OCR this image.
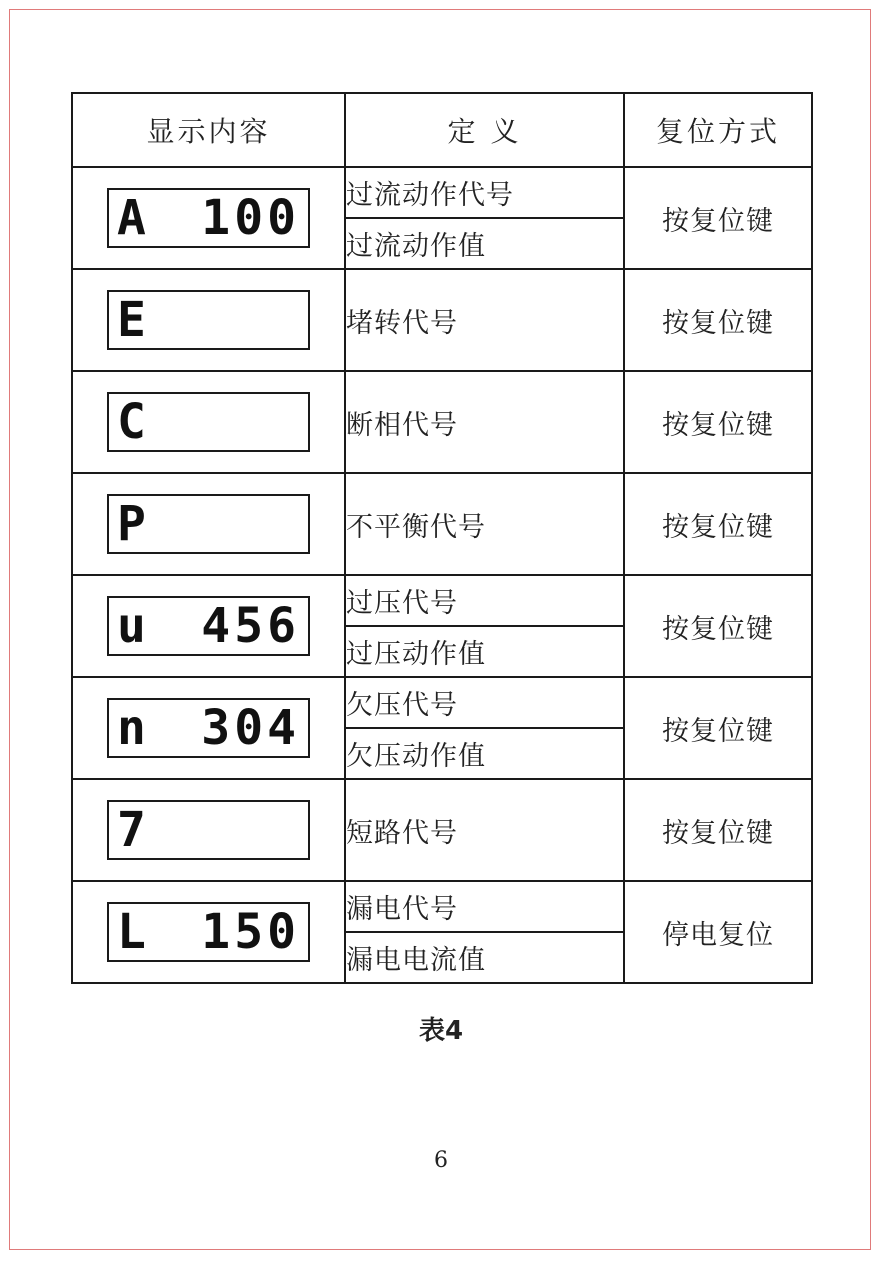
显示内容	定 义	复位方式

A 100	过流动作代号	按复位键
	过流动作值	

E	堵转代号	按复位键

C	断相代号	按复位键

P	不平衡代号	按复位键

u 456	过压代号	按复位键
	过压动作值	

n 304	欠压代号	按复位键
	欠压动作值	

7	短路代号	按复位键

L 150	漏电代号	停电复位
	漏电电流值	
表4
6
